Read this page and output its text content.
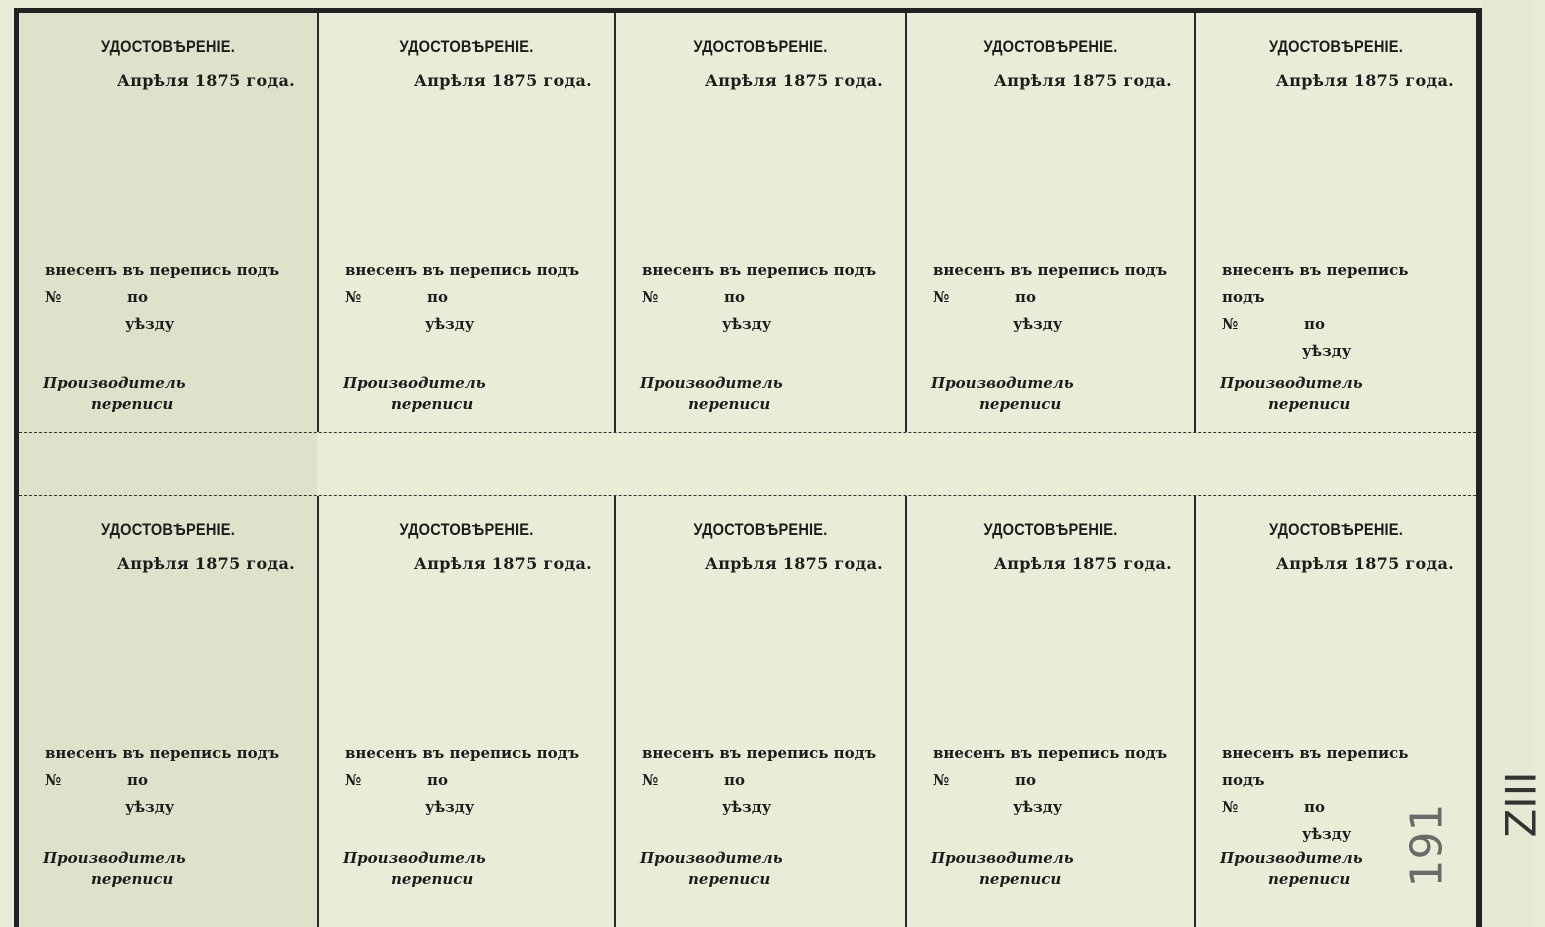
УДОСТОВѢРЕНІЕ.
Апрѣля 1875 года.
внесенъ въ перепись подъ
№	по
уѣзду
Производитель
переписи
УДОСТОВѢРЕНІЕ.
Апрѣля 1875 года.
внесенъ въ перепись подъ
№	по
уѣзду
Производитель
переписи
УДОСТОВѢРЕНІЕ.
Апрѣля 1875 года.
внесенъ въ перепись подъ
№	по
уѣзду
Производитель
переписи
УДОСТОВѢРЕНІЕ.
Апрѣля 1875 года.
внесенъ въ перепись подъ
№	по
уѣзду
Производитель
переписи
УДОСТОВѢРЕНІЕ.
Апрѣля 1875 года.
внесенъ въ перепись подъ
№	по
уѣзду
Производитель
переписи
УДОСТОВѢРЕНІЕ.
Апрѣля 1875 года.
внесенъ въ перепись подъ
№	по
уѣзду
Производитель
переписи
УДОСТОВѢРЕНІЕ.
Апрѣля 1875 года.
внесенъ въ перепись подъ
№	по
уѣзду
Производитель
переписи
УДОСТОВѢРЕНІЕ.
Апрѣля 1875 года.
внесенъ въ перепись подъ
№	по
уѣзду
Производитель
переписи
УДОСТОВѢРЕНІЕ.
Апрѣля 1875 года.
внесенъ въ перепись подъ
№	по
уѣзду
Производитель
переписи
УДОСТОВѢРЕНІЕ.
Апрѣля 1875 года.
внесенъ въ перепись подъ
№	по
уѣзду
Производитель
переписи 191 ZIII
